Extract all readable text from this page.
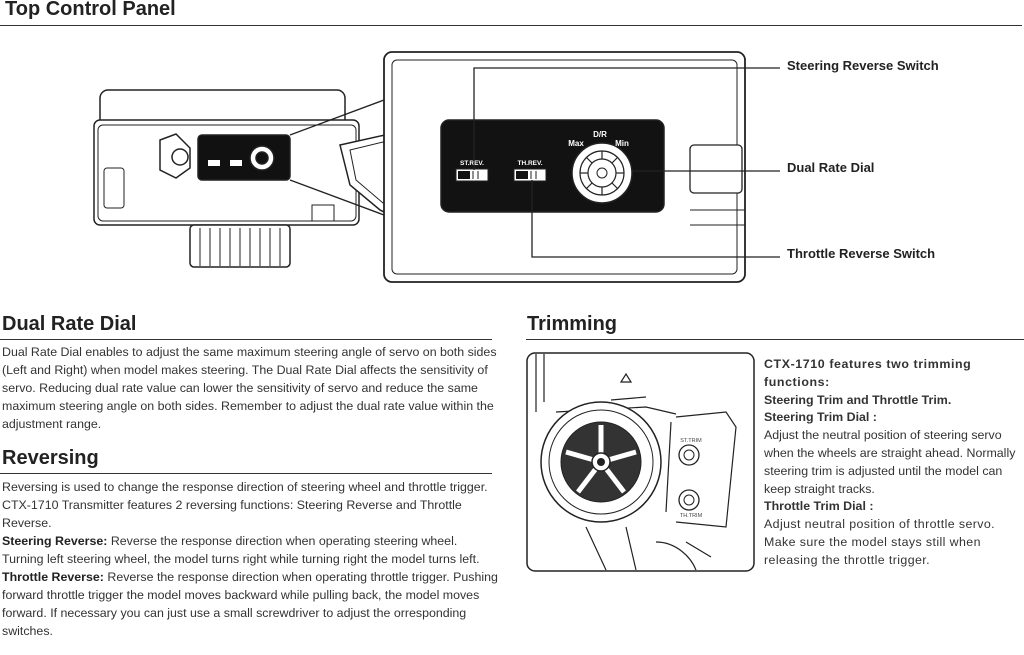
Top Control Panel
D/R
Max	Min
ST.REV.	TH.REV.
Steering Reverse Switch
Dual Rate Dial
Throttle Reverse Switch
Dual Rate Dial
Dual Rate Dial enables to adjust the same maximum steering angle of servo on both sides (Left and Right) when model makes steering. The Dual Rate Dial affects the sensitivity of servo. Reducing dual rate value can lower the sensitivity of servo and reduce the same maximum steering angle on both sides. Remember to adjust the dual rate value within the adjustment range.
Reversing
Reversing is used to change the response direction of steering wheel and throttle trigger. CTX-1710 Transmitter features 2 reversing functions: Steering Reverse and Throttle Reverse.
Steering Reverse: Reverse the response direction when operating steering wheel. Turning left steering wheel, the model turns right while turning right the model turns left.
Throttle Reverse: Reverse the response direction when operating throttle trigger. Pushing forward throttle trigger the model moves backward while pulling back, the model moves forward. If necessary you can just use a small screwdriver to adjust the orresponding switches.
Trimming
ST.TRIM
TH.TRIM
CTX-1710 features two trimming functions:
Steering Trim and Throttle Trim.
Steering Trim Dial :
Adjust the neutral position of steering servo when the wheels are straight ahead. Normally steering trim is adjusted until the model can keep straight tracks.
Throttle Trim Dial :
Adjust neutral position of throttle servo. Make sure the model stays still when releasing the throttle trigger.
